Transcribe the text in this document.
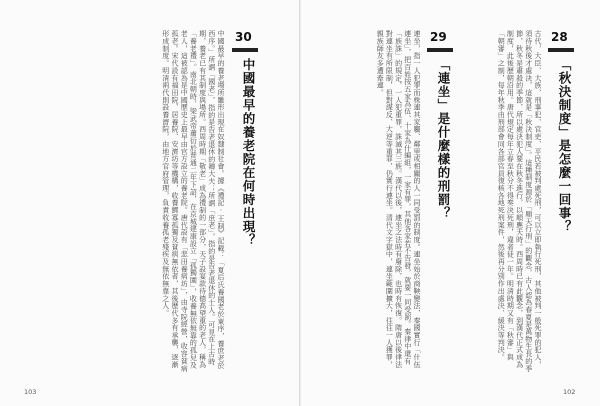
30
中國最早的養老院在何時出現？
中國最早的養老場所雛形出現在奴隸制社會。據《禮記·王制》記載：「夏后氏養國老於東序，養庶老於西序。」所謂「國老」，指的是告老退休的卿大夫；所謂「庶老」，指的是告老退休的士人。可見在上古時期，養老已有其制度與場所。西周時期「敬老」成為禮制的一部分，天子設宴款待德高望重的老人，稱為「養老禮」。南北朝時，梁武帝蕭衍於普通二年下詔，在京城建康設立「孤獨園」，收養無依無靠的孤兒及老人，這被認為是中國歷史上最早由官方設立的養老院。唐代設有「悲田養病坊」，由寺院經營，收容貧病孤老。宋代設有福田院、居養院、安濟坊等機構，收養鰥寡孤獨及貧病無依者，其後歷代多有承襲，逐漸形成制度。明清兩代則設養濟院，由地方官府管理，負責收養孤老殘疾及無依無靠之人。
103
28
「秋決制度」是怎麼一回事？
古代，大臣、大族、刑事犯、官吏、平民若被判處死刑，可以立即執行死刑，其他被判一般死罪的犯人，須待秋後才處決，這就是「秋決制度」。這種制度源於「順天行刑」的觀念，古人認為春夏是萬物生長的季節，秋冬是肅殺的季節，所以處決犯人要在秋冬進行，以順應天時。西周時已有此觀念，到漢代正式成為制度，此後歷朝沿用。唐代規定每年立春至秋分不得奏決死刑，違者徒一年。明清時期又有「秋審」與「朝審」之制，每年秋季由刑部會同各部官員復核各地死刑案件，然後再分別作出處決、緩決等判決。
29
「連坐」是什麼樣的刑罰？
連坐，指一人犯罪而株連其家屬、鄰里或相關的人一同受罰的制度。連坐始於商鞅變法，秦國實行「什伍連坐」，把百姓按五家為伍、十家為什編組，一家有罪，其他各家若不告發，就要一同受罰。秦律中還有「族誅」的規定，一人犯重罪，誅滅其三族。漢代以後，連坐之法時有廢除，也時有恢復。隋唐以後律法對連坐有所限制，但對謀反、大逆等重罪，仍實行連坐。清代文字獄中，連坐範圍擴大，往往一人獲罪，親族師友多遭牽連。
102
